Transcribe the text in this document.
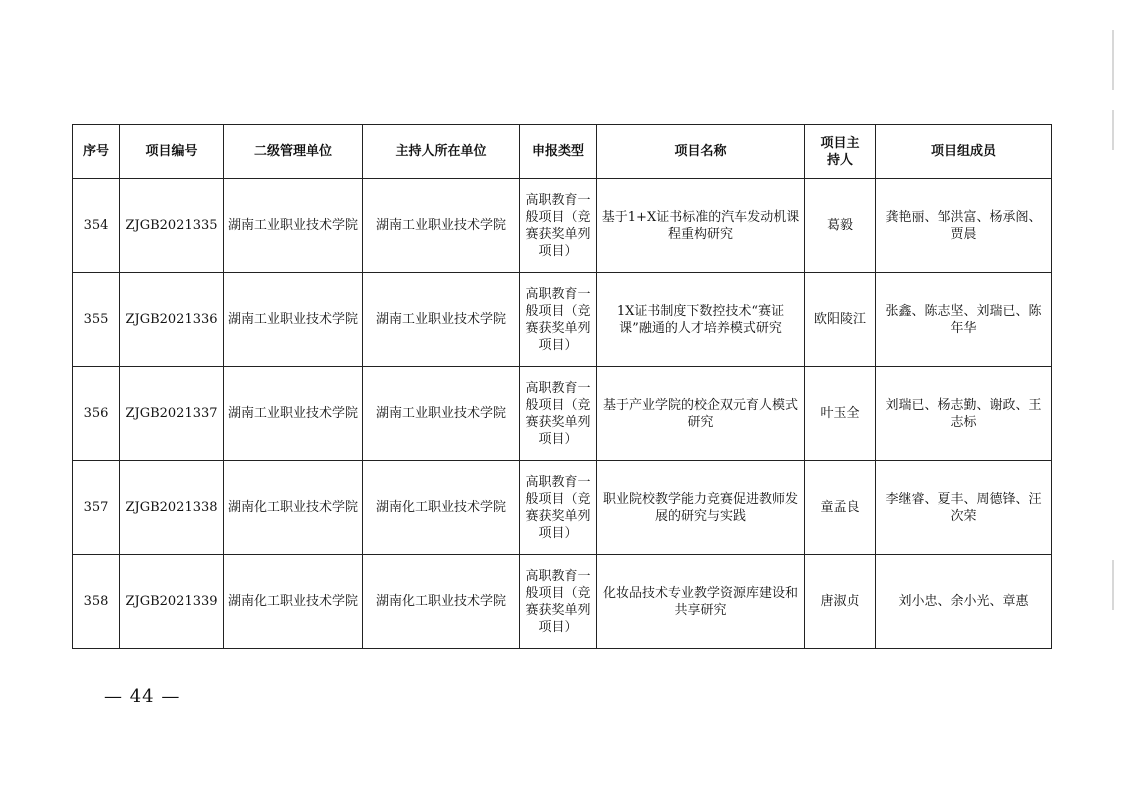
序号	项目编号	二级管理单位	主持人所在单位	申报类型	项目名称	项目主持人	项目组成员
354	ZJGB2021335	湖南工业职业技术学院	湖南工业职业技术学院	高职教育一般项目（竞赛获奖单列项目）	基于1+X证书标准的汽车发动机课程重构研究	葛毅	龚艳丽、邹洪富、杨承阁、贾晨
355	ZJGB2021336	湖南工业职业技术学院	湖南工业职业技术学院	高职教育一般项目（竞赛获奖单列项目）	1X证书制度下数控技术“赛证课”融通的人才培养模式研究	欧阳陵江	张鑫、陈志坚、刘瑞已、陈年华
356	ZJGB2021337	湖南工业职业技术学院	湖南工业职业技术学院	高职教育一般项目（竞赛获奖单列项目）	基于产业学院的校企双元育人模式研究	叶玉全	刘瑞已、杨志勤、谢政、王志标
357	ZJGB2021338	湖南化工职业技术学院	湖南化工职业技术学院	高职教育一般项目（竞赛获奖单列项目）	职业院校教学能力竞赛促进教师发展的研究与实践	童孟良	李继睿、夏丰、周德锋、汪次荣
358	ZJGB2021339	湖南化工职业技术学院	湖南化工职业技术学院	高职教育一般项目（竞赛获奖单列项目）	化妆品技术专业教学资源库建设和共享研究	唐淑贞	刘小忠、余小光、章惠
— 44 —
